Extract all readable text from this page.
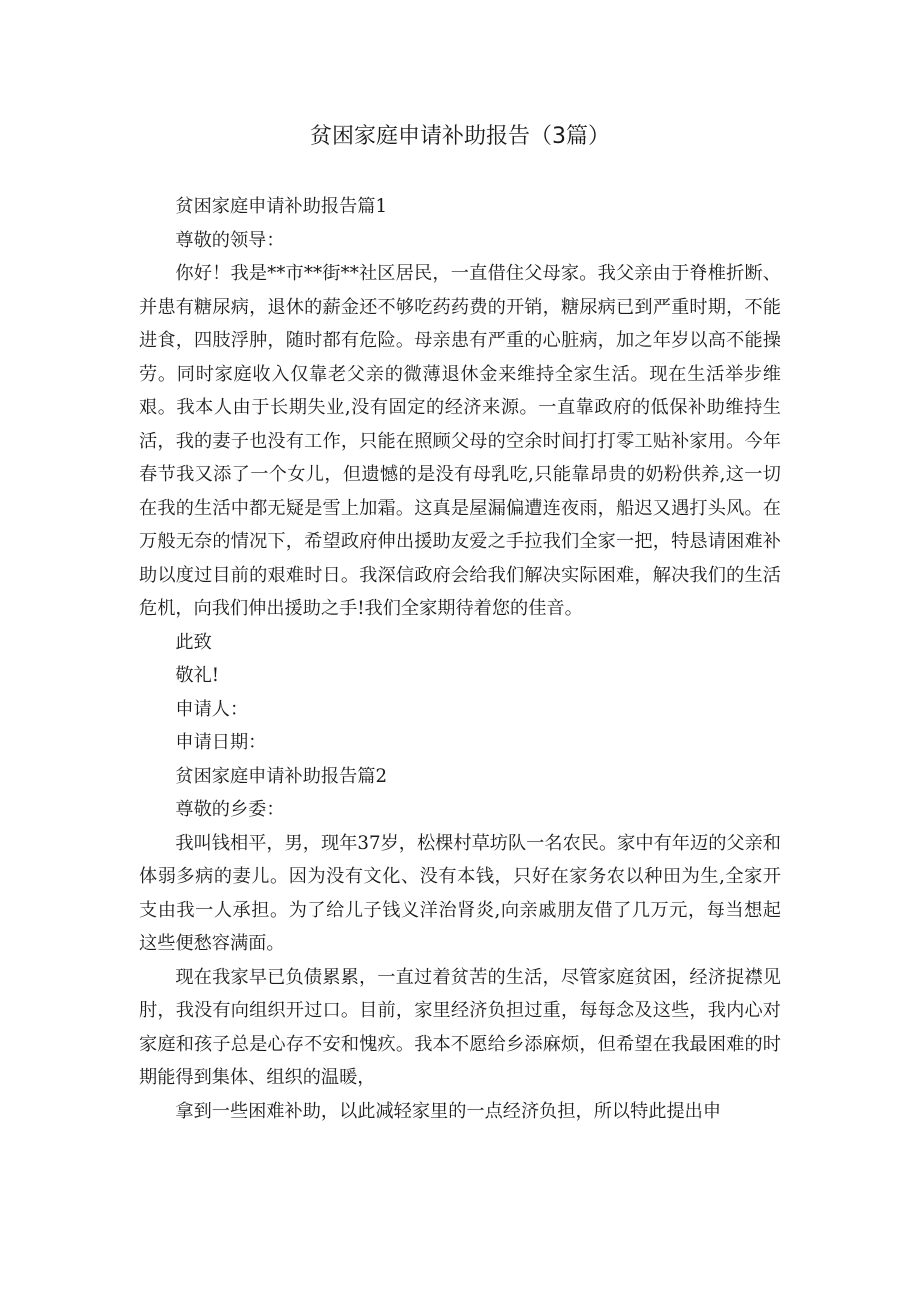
贫困家庭申请补助报告（3篇）

贫困家庭申请补助报告篇1

尊敬的领导：

你好！我是**市**街**社区居民，一直借住父母家。我父亲由于脊椎折断、并患有糖尿病，退休的薪金还不够吃药药费的开销，糖尿病已到严重时期，不能进食，四肢浮肿，随时都有危险。母亲患有严重的心脏病，加之年岁以高不能操劳。同时家庭收入仅靠老父亲的微薄退休金来维持全家生活。现在生活举步维艰。我本人由于长期失业,没有固定的经济来源。一直靠政府的低保补助维持生活，我的妻子也没有工作，只能在照顾父母的空余时间打打零工贴补家用。今年春节我又添了一个女儿，但遗憾的是没有母乳吃,只能靠昂贵的奶粉供养,这一切在我的生活中都无疑是雪上加霜。这真是屋漏偏遭连夜雨，船迟又遇打头风。在万般无奈的情况下，希望政府伸出援助友爱之手拉我们全家一把，特恳请困难补助以度过目前的艰难时日。我深信政府会给我们解决实际困难，解决我们的生活危机，向我们伸出援助之手!我们全家期待着您的佳音。

此致

敬礼!

申请人：

申请日期：

贫困家庭申请补助报告篇2

尊敬的乡委：

我叫钱相平，男，现年37岁，松棵村草坊队一名农民。家中有年迈的父亲和体弱多病的妻儿。因为没有文化、没有本钱，只好在家务农以种田为生,全家开支由我一人承担。为了给儿子钱义洋治肾炎,向亲戚朋友借了几万元，每当想起这些便愁容满面。

现在我家早已负债累累，一直过着贫苦的生活，尽管家庭贫困，经济捉襟见肘，我没有向组织开过口。目前，家里经济负担过重，每每念及这些，我内心对家庭和孩子总是心存不安和愧疚。我本不愿给乡添麻烦，但希望在我最困难的时期能得到集体、组织的温暖，

拿到一些困难补助，以此减轻家里的一点经济负担，所以特此提出申
